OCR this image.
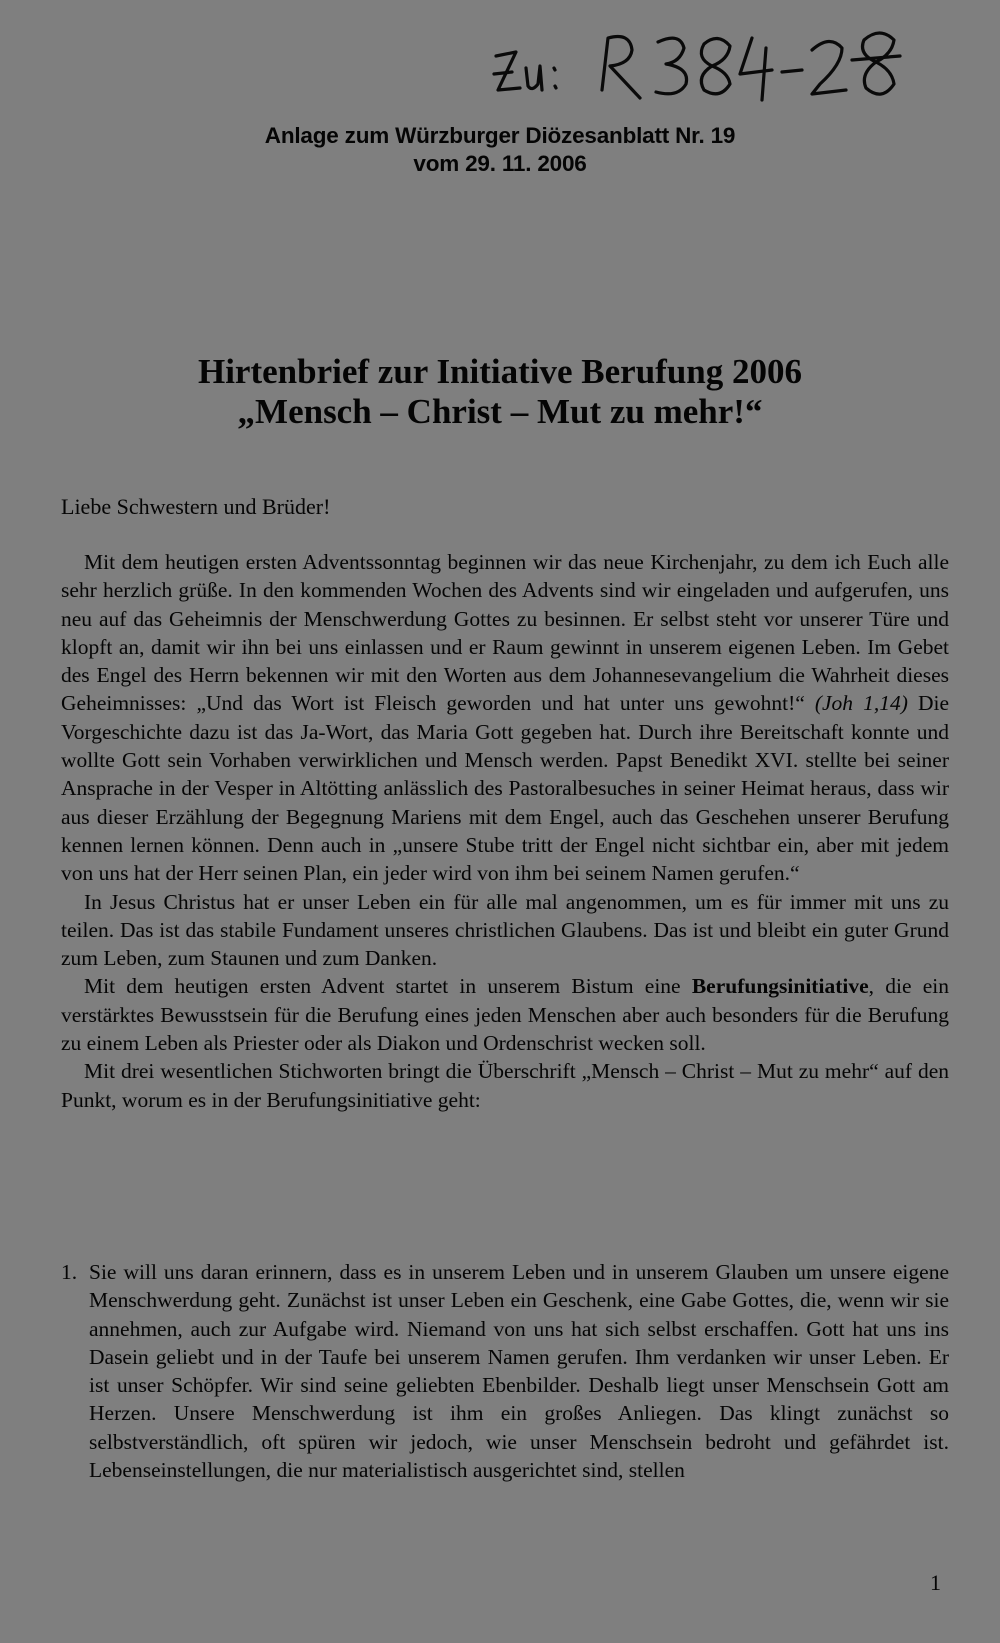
Anlage zum Würzburger Diözesanblatt Nr. 19
vom 29. 11. 2006
Hirtenbrief zur Initiative Berufung 2006
„Mensch – Christ – Mut zu mehr!“

Liebe Schwestern und Brüder!

Mit dem heutigen ersten Adventssonntag beginnen wir das neue Kirchenjahr, zu dem ich Euch alle sehr herzlich grüße. In den kommenden Wochen des Advents sind wir eingeladen und aufgerufen, uns neu auf das Geheimnis der Menschwerdung Gottes zu besinnen. Er selbst steht vor unserer Türe und klopft an, damit wir ihn bei uns einlassen und er Raum gewinnt in unserem eigenen Leben. Im Gebet des Engel des Herrn bekennen wir mit den Worten aus dem Johannesevangelium die Wahrheit dieses Geheimnisses: „Und das Wort ist Fleisch geworden und hat unter uns gewohnt!“ (Joh 1,14) Die Vorgeschichte dazu ist das Ja-Wort, das Maria Gott gegeben hat. Durch ihre Bereitschaft konnte und wollte Gott sein Vorhaben verwirklichen und Mensch werden. Papst Benedikt XVI. stellte bei seiner Ansprache in der Vesper in Altötting anlässlich des Pastoralbesuches in seiner Heimat heraus, dass wir aus dieser Erzählung der Begegnung Mariens mit dem Engel, auch das Geschehen unserer Berufung kennen lernen können. Denn auch in „unsere Stube tritt der Engel nicht sichtbar ein, aber mit jedem von uns hat der Herr seinen Plan, ein jeder wird von ihm bei seinem Namen gerufen.“

In Jesus Christus hat er unser Leben ein für alle mal angenommen, um es für immer mit uns zu teilen. Das ist das stabile Fundament unseres christlichen Glaubens. Das ist und bleibt ein guter Grund zum Leben, zum Staunen und zum Danken.

Mit dem heutigen ersten Advent startet in unserem Bistum eine Berufungsinitiative, die ein verstärktes Bewusstsein für die Berufung eines jeden Menschen aber auch besonders für die Berufung zu einem Leben als Priester oder als Diakon und Ordenschrist wecken soll.

Mit drei wesentlichen Stichworten bringt die Überschrift „Mensch – Christ – Mut zu mehr“ auf den Punkt, worum es in der Berufungsinitiative geht:

1. Sie will uns daran erinnern, dass es in unserem Leben und in unserem Glauben um unsere eigene Menschwerdung geht. Zunächst ist unser Leben ein Geschenk, eine Gabe Gottes, die, wenn wir sie annehmen, auch zur Aufgabe wird. Niemand von uns hat sich selbst erschaffen. Gott hat uns ins Dasein geliebt und in der Taufe bei unserem Namen gerufen. Ihm verdanken wir unser Leben. Er ist unser Schöpfer. Wir sind seine geliebten Ebenbilder. Deshalb liegt unser Menschsein Gott am Herzen. Unsere Menschwerdung ist ihm ein großes Anliegen. Das klingt zunächst so selbstverständlich, oft spüren wir jedoch, wie unser Menschsein bedroht und gefährdet ist. Lebenseinstellungen, die nur materialistisch ausgerichtet sind, stellen
1
